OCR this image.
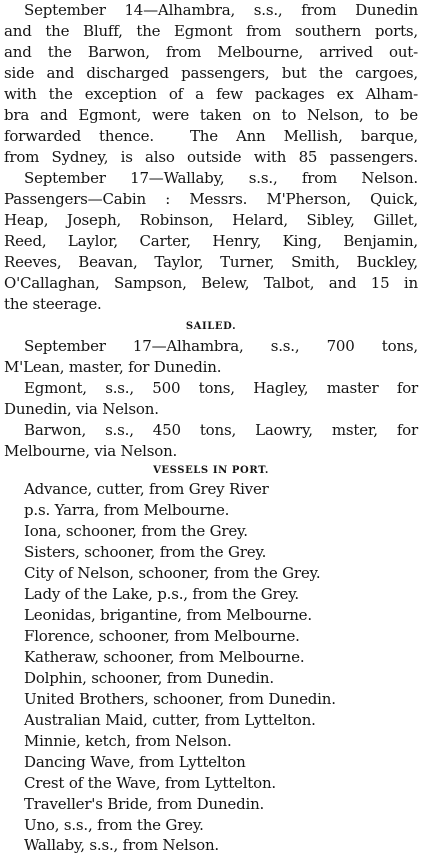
September 14—Alhambra, s.s., from Dunedin
and the Bluff, the Egmont from southern ports,
and the Barwon, from Melbourne, arrived out-
side and discharged passengers, but the cargoes,
with the exception of a few packages ex Alham-
bra and Egmont, were taken on to Nelson, to be
forwarded thence.  The Ann Mellish, barque,
from Sydney, is also outside with 85 passengers.
September 17—Wallaby, s.s., from Nelson.
Passengers—Cabin : Messrs. M'Pherson, Quick,
Heap, Joseph, Robinson, Helard, Sibley, Gillet,
Reed, Laylor, Carter, Henry, King, Benjamin,
Reeves, Beavan, Taylor, Turner, Smith, Buckley,
O'Callaghan, Sampson, Belew, Talbot, and 15 in
the steerage.
SAILED.
September 17—Alhambra, s.s., 700 tons,
M'Lean, master, for Dunedin.
Egmont, s.s., 500 tons, Hagley, master for
Dunedin, via Nelson.
Barwon, s.s., 450 tons, Laowry, mster, for
Melbourne, via Nelson.
VESSELS IN PORT.
Advance, cutter, from Grey River
p.s. Yarra, from Melbourne.
Iona, schooner, from the Grey.
Sisters, schooner, from the Grey.
City of Nelson, schooner, from the Grey.
Lady of the Lake, p.s., from the Grey.
Leonidas, brigantine, from Melbourne.
Florence, schooner, from Melbourne.
Katheraw, schooner, from Melbourne.
Dolphin, schooner, from Dunedin.
United Brothers, schooner, from Dunedin.
Australian Maid, cutter, from Lyttelton.
Minnie, ketch, from Nelson.
Dancing Wave, from Lyttelton
Crest of the Wave, from Lyttelton.
Traveller's Bride, from Dunedin.
Uno, s.s., from the Grey.
Wallaby, s.s., from Nelson.
